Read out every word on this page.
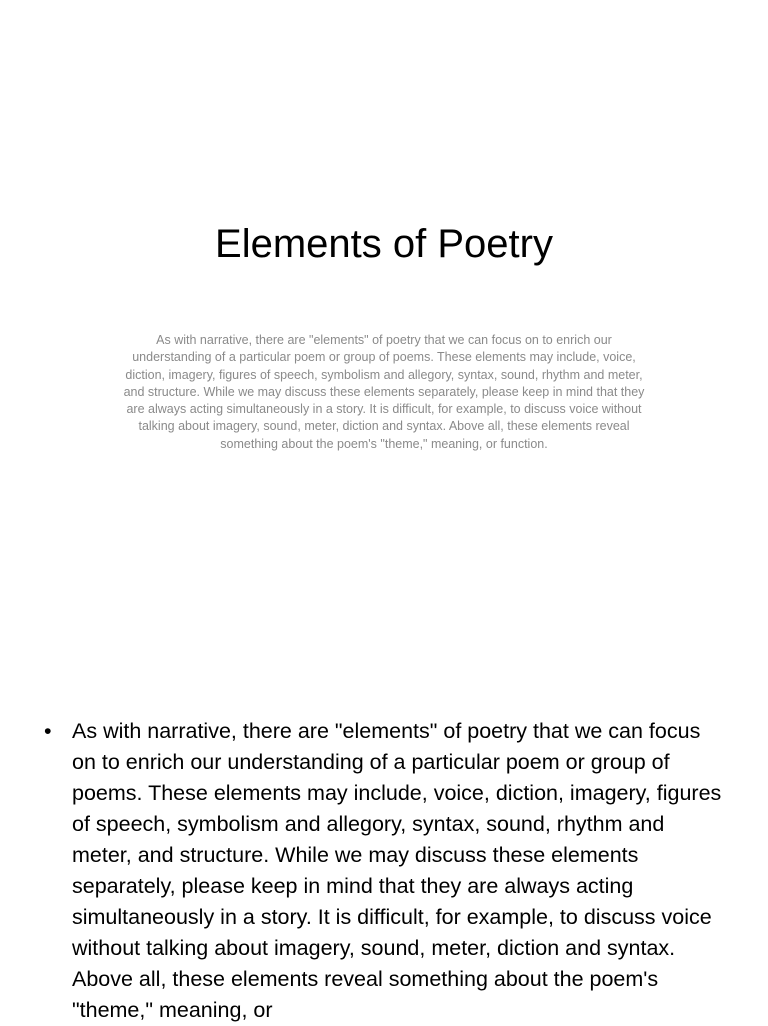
Elements of Poetry

As with narrative, there are "elements" of poetry that we can focus on to enrich our understanding of a particular poem or group of poems. These elements may include, voice, diction, imagery, figures of speech, symbolism and allegory, syntax, sound, rhythm and meter, and structure. While we may discuss these elements separately, please keep in mind that they are always acting simultaneously in a story. It is difficult, for example, to discuss voice without talking about imagery, sound, meter, diction and syntax. Above all, these elements reveal something about the poem's "theme," meaning, or function.

• As with narrative, there are "elements" of poetry that we can focus on to enrich our understanding of a particular poem or group of poems. These elements may include, voice, diction, imagery, figures of speech, symbolism and allegory, syntax, sound, rhythm and meter, and structure. While we may discuss these elements separately, please keep in mind that they are always acting simultaneously in a story. It is difficult, for example, to discuss voice without talking about imagery, sound, meter, diction and syntax. Above all, these elements reveal something about the poem's "theme," meaning, or
